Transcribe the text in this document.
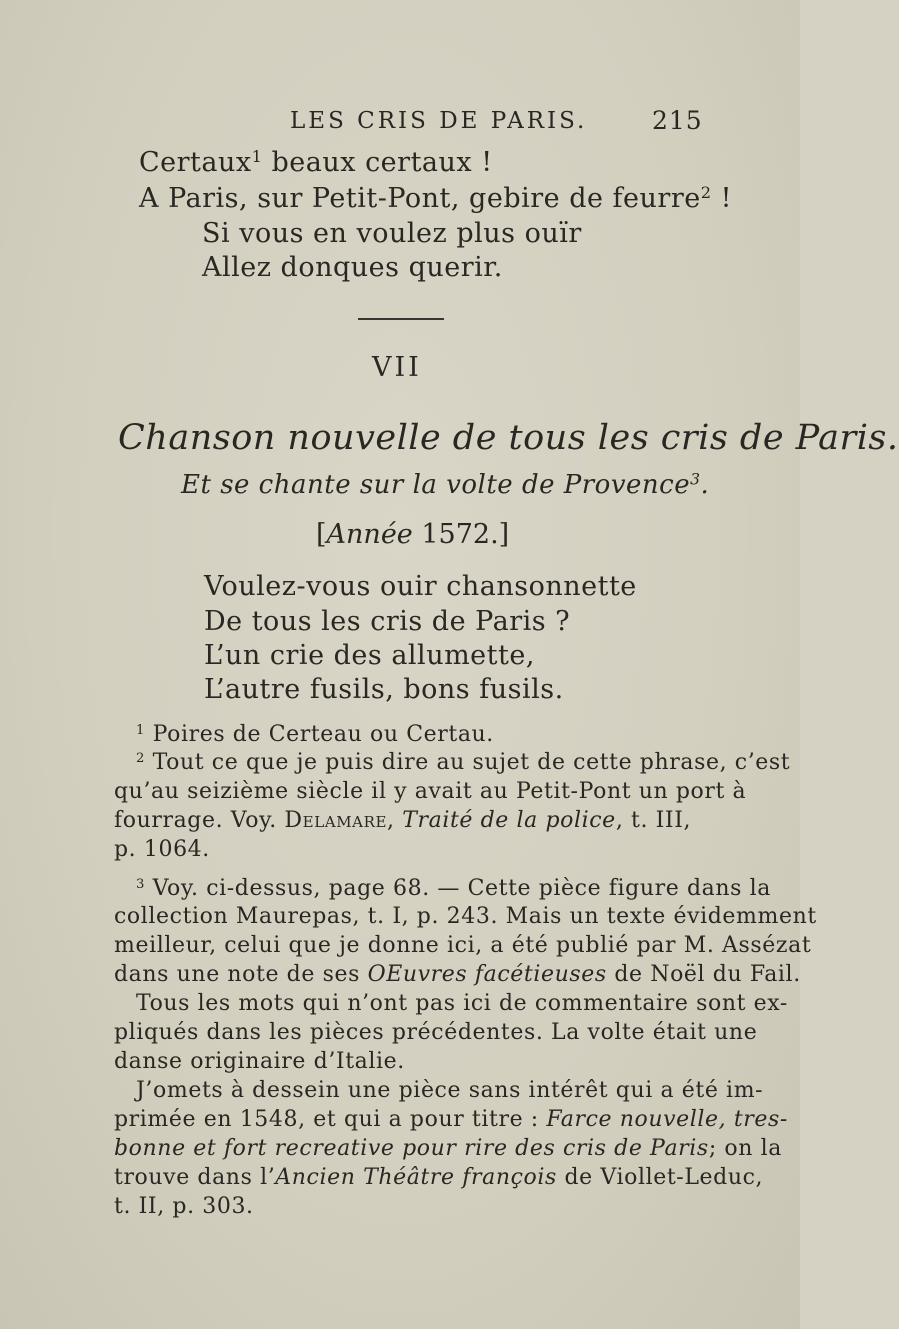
LES CRIS DE PARIS.	215
Certaux$^1$ beaux certaux !
A Paris, sur Petit-Pont, gebire de feurre$^2$ !
Si vous en voulez plus ouïr
Allez donques querir.
VII
Chanson nouvelle de tous les cris de Paris.
Et se chante sur la volte de Provence$^3$.
[Année 1572.]
Voulez-vous ouir chansonnette
De tous les cris de Paris ?
L’un crie des allumette,
L’autre fusils, bons fusils.
$^1$ Poires de Certeau ou Certau.
$^2$ Tout ce que je puis dire au sujet de cette phrase, c’est
qu’au seizième siècle il y avait au Petit-Pont un port à
fourrage. Voy. Delamare, Traité de la police, t. III,
p. 1064.
$^3$ Voy. ci-dessus, page 68. — Cette pièce figure dans la
collection Maurepas, t. I, p. 243. Mais un texte évidemment
meilleur, celui que je donne ici, a été publié par M. Assézat
dans une note de ses OEuvres facétieuses de Noël du Fail.
Tous les mots qui n’ont pas ici de commentaire sont ex-
pliqués dans les pièces précédentes. La volte était une
danse originaire d’Italie.
J’omets à dessein une pièce sans intérêt qui a été im-
primée en 1548, et qui a pour titre : Farce nouvelle, tres-
bonne et fort recreative pour rire des cris de Paris; on la
trouve dans l’Ancien Théâtre françois de Viollet-Leduc,
t. II, p. 303.
